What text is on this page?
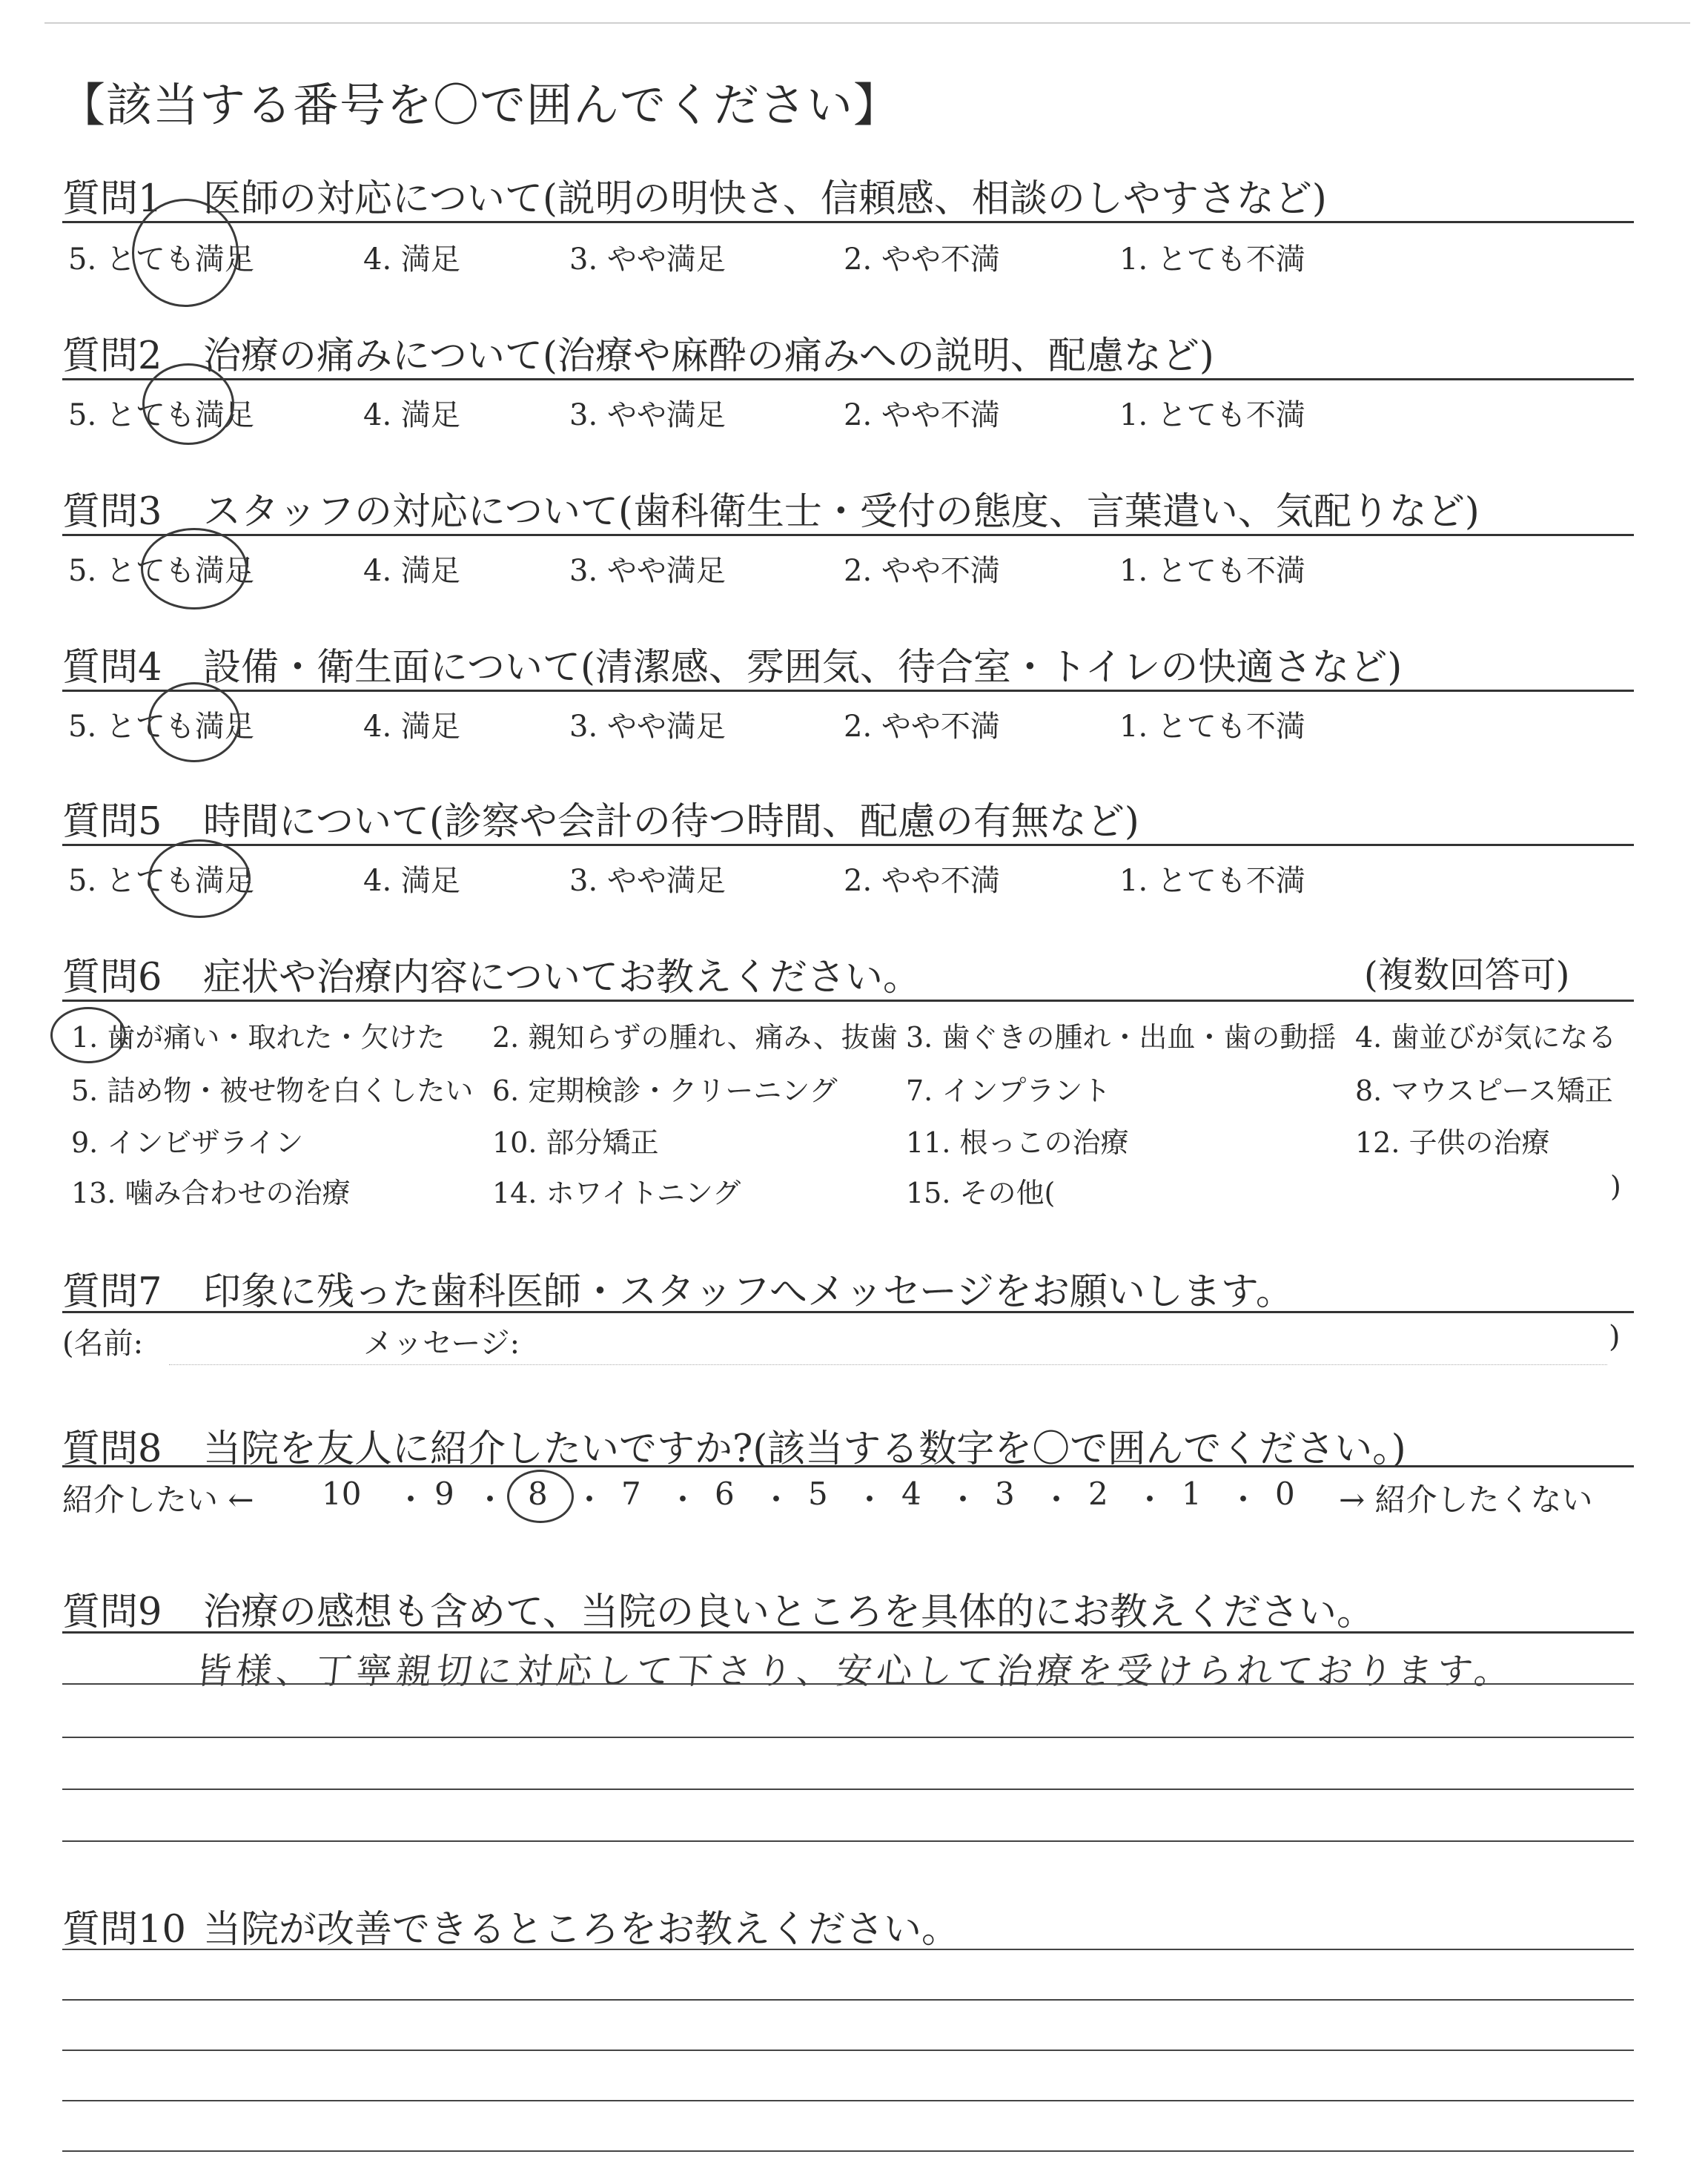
【該当する番号を〇で囲んでください】
質問1 医師の対応について(説明の明快さ、信頼感、相談のしやすさなど)
5. とても満足	4. 満足	3. やや満足	2. やや不満	1. とても不満
質問2 治療の痛みについて(治療や麻酔の痛みへの説明、配慮など)
5. とても満足	4. 満足	3. やや満足	2. やや不満	1. とても不満
質問3 スタッフの対応について(歯科衛生士・受付の態度、言葉遣い、気配りなど)
5. とても満足	4. 満足	3. やや満足	2. やや不満	1. とても不満
質問4 設備・衛生面について(清潔感、雰囲気、待合室・トイレの快適さなど)
5. とても満足	4. 満足	3. やや満足	2. やや不満	1. とても不満
質問5 時間について(診察や会計の待つ時間、配慮の有無など)
5. とても満足	4. 満足	3. やや満足	2. やや不満	1. とても不満
質問6 症状や治療内容についてお教えください。	(複数回答可)
1. 歯が痛い・取れた・欠けた 2. 親知らずの腫れ、痛み、抜歯 3. 歯ぐきの腫れ・出血・歯の動揺 4. 歯並びが気になる
5. 詰め物・被せ物を白くしたい 6. 定期検診・クリーニング 7. インプラント	8. マウスピース矯正
9. インビザライン	10. 部分矯正	11. 根っこの治療	12. 子供の治療
13. 噛み合わせの治療	14. ホワイトニング	15. その他(	)
質問7 印象に残った歯科医師・スタッフへメッセージをお願いします。
(名前:	メッセージ:	)
質問8 当院を友人に紹介したいですか?(該当する数字を〇で囲んでください。)
紹介したい ← 10 ・ 9 ・ 8 ・ 7 ・ 6 ・ 5 ・ 4 ・ 3 ・ 2 ・ 1 ・ 0 → 紹介したくない
質問9 治療の感想も含めて、当院の良いところを具体的にお教えください。
皆様、丁寧親切に対応して下さり、安心して治療を受けられております。
質問10 当院が改善できるところをお教えください。
